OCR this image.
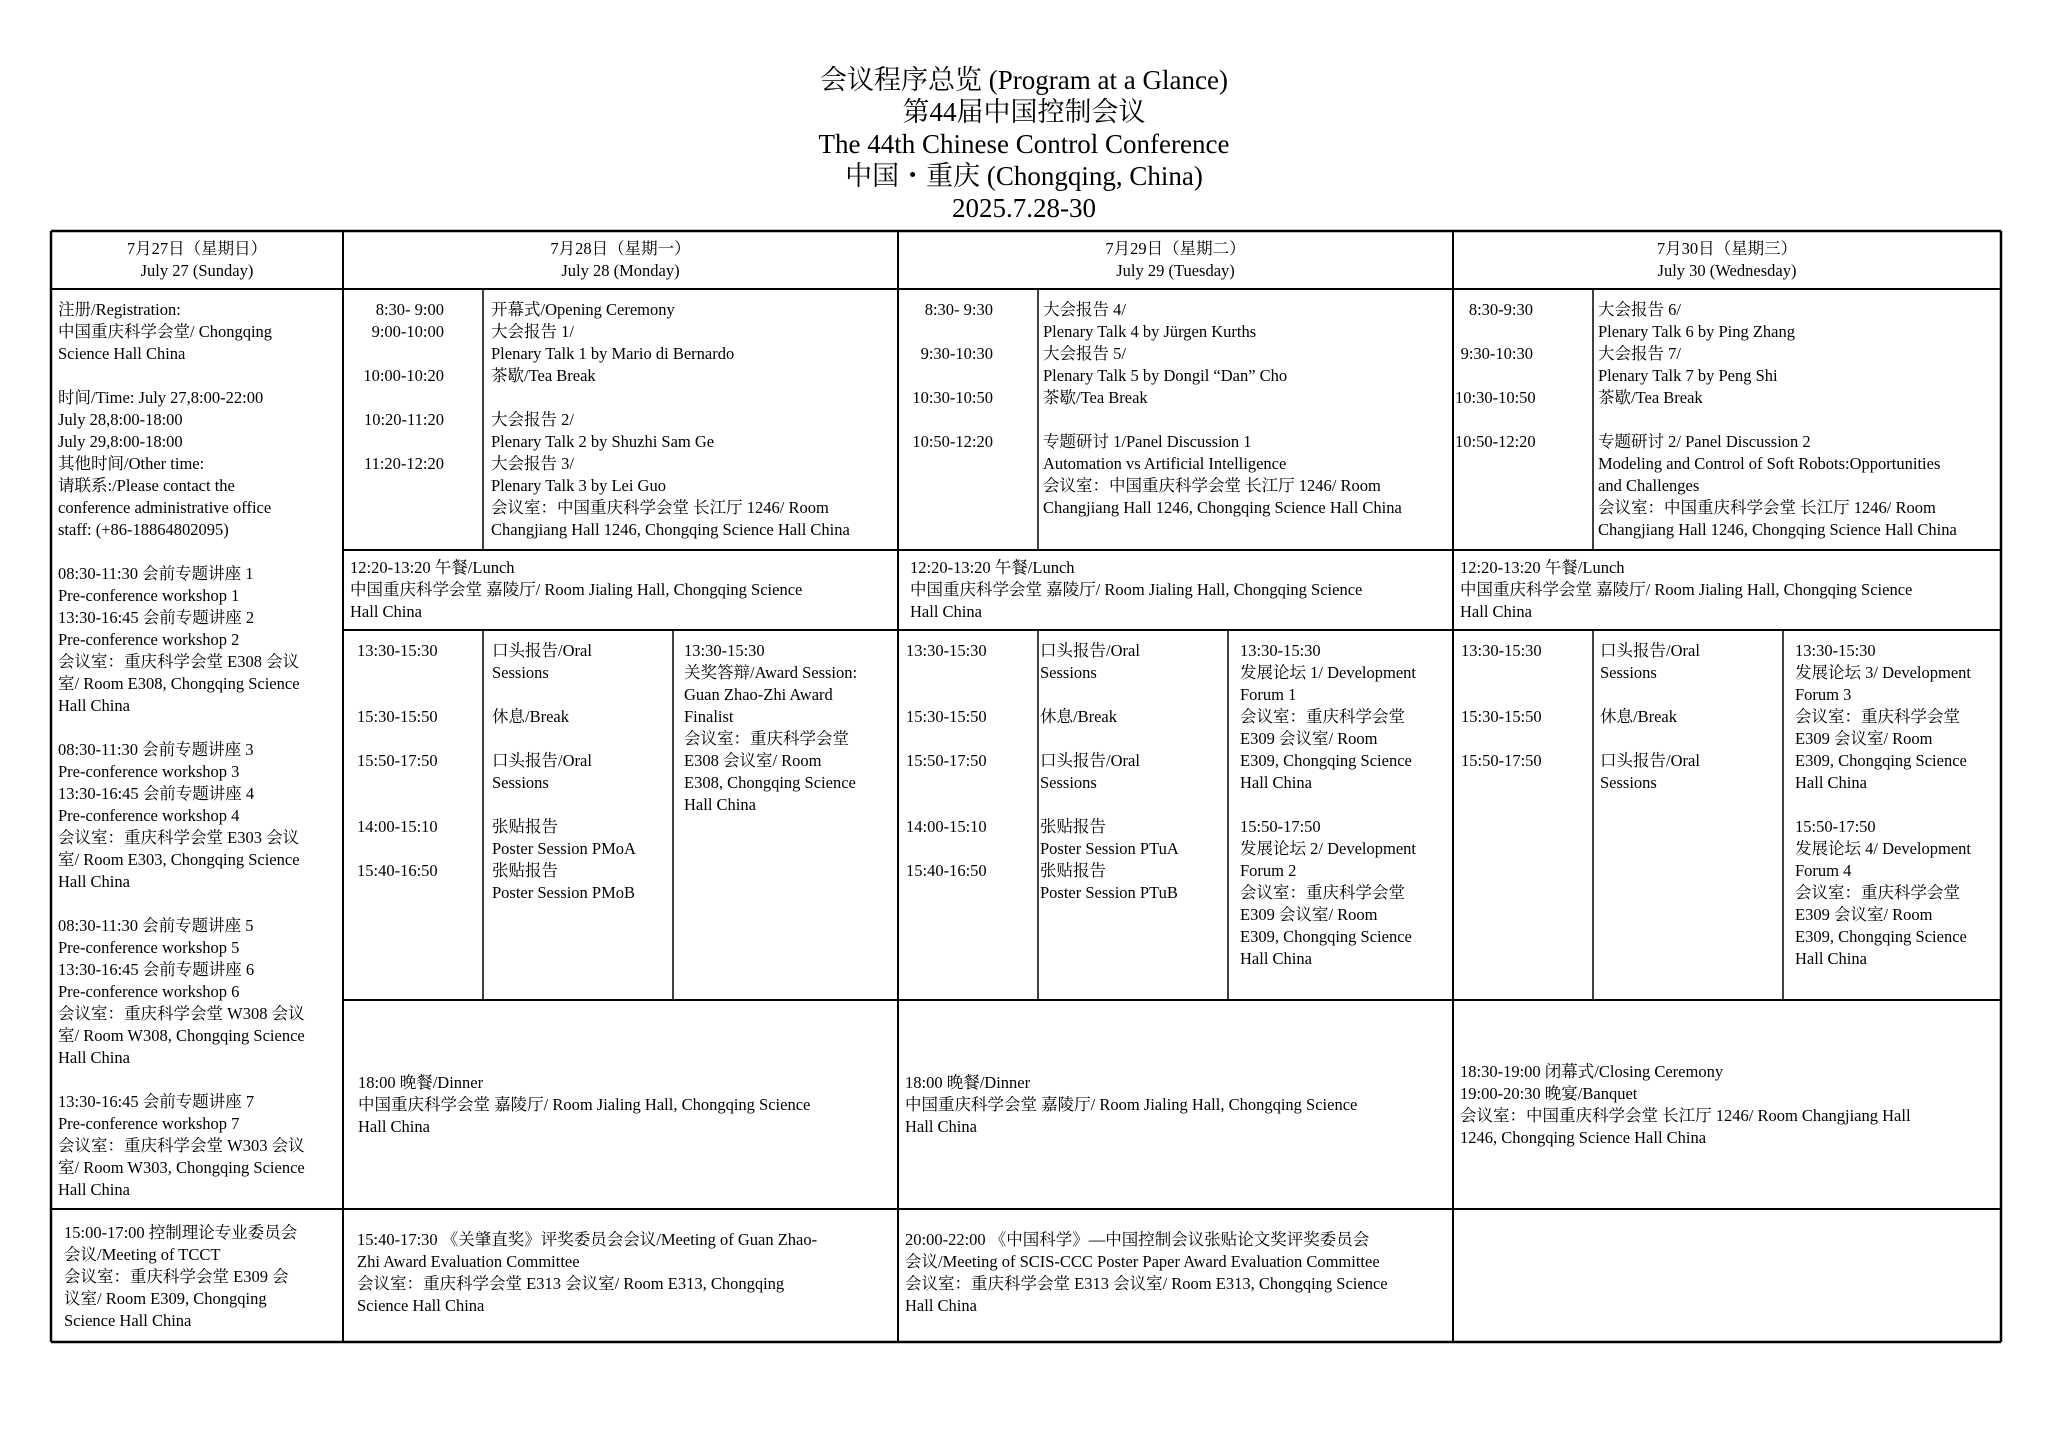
会议程序总览 (Program at a Glance)
第44届中国控制会议
The 44th Chinese Control Conference
中国・重庆 (Chongqing, China)
2025.7.28-30
7月27日（星期日）
July 27 (Sunday)
7月28日（星期一）
July 28 (Monday)
7月29日（星期二）
July 29 (Tuesday)
7月30日（星期三）
July 30 (Wednesday)
注册/Registration:
中国重庆科学会堂/ Chongqing
Science Hall China
时间/Time: July 27,8:00-22:00
July 28,8:00-18:00
July 29,8:00-18:00
其他时间/Other time:
请联系:/Please contact the
conference administrative office
staff: (+86-18864802095)
08:30-11:30 会前专题讲座 1
Pre-conference workshop 1
13:30-16:45 会前专题讲座 2
Pre-conference workshop 2
会议室：重庆科学会堂 E308 会议
室/ Room E308, Chongqing Science
Hall China
08:30-11:30 会前专题讲座 3
Pre-conference workshop 3
13:30-16:45 会前专题讲座 4
Pre-conference workshop 4
会议室：重庆科学会堂 E303 会议
室/ Room E303, Chongqing Science
Hall China
08:30-11:30 会前专题讲座 5
Pre-conference workshop 5
13:30-16:45 会前专题讲座 6
Pre-conference workshop 6
会议室：重庆科学会堂 W308 会议
室/ Room W308, Chongqing Science
Hall China
13:30-16:45 会前专题讲座 7
Pre-conference workshop 7
会议室：重庆科学会堂 W303 会议
室/ Room W303, Chongqing Science
Hall China
15:00-17:00 控制理论专业委员会
会议/Meeting of TCCT
会议室：重庆科学会堂 E309 会
议室/ Room E309, Chongqing
Science Hall China
8:30- 9:00
9:00-10:00
10:00-10:20
10:20-11:20
11:20-12:20
开幕式/Opening Ceremony
大会报告 1/
Plenary Talk 1 by Mario di Bernardo
茶歇/Tea Break
大会报告 2/
Plenary Talk 2 by Shuzhi Sam Ge
大会报告 3/
Plenary Talk 3 by Lei Guo
会议室：中国重庆科学会堂 长江厅 1246/ Room
Changjiang Hall 1246, Chongqing Science Hall China
12:20-13:20 午餐/Lunch
中国重庆科学会堂 嘉陵厅/ Room Jialing Hall, Chongqing Science
Hall China
13:30-15:30
15:30-15:50
15:50-17:50
14:00-15:10
15:40-16:50
口头报告/Oral
Sessions
休息/Break
口头报告/Oral
Sessions
张贴报告
Poster Session PMoA
张贴报告
Poster Session PMoB
13:30-15:30
关奖答辩/Award Session:
Guan Zhao-Zhi Award
Finalist
会议室：重庆科学会堂
E308 会议室/ Room
E308, Chongqing Science
Hall China
18:00 晚餐/Dinner
中国重庆科学会堂 嘉陵厅/ Room Jialing Hall, Chongqing Science
Hall China
15:40-17:30 《关肇直奖》评奖委员会会议/Meeting of Guan Zhao-
Zhi Award Evaluation Committee
会议室：重庆科学会堂 E313 会议室/ Room E313, Chongqing
Science Hall China
8:30- 9:30
9:30-10:30
10:30-10:50
10:50-12:20
大会报告 4/
Plenary Talk 4 by Jürgen Kurths
大会报告 5/
Plenary Talk 5 by Dongil “Dan” Cho
茶歇/Tea Break
专题研讨 1/Panel Discussion 1
Automation vs Artificial Intelligence
会议室：中国重庆科学会堂 长江厅 1246/ Room
Changjiang Hall 1246, Chongqing Science Hall China
12:20-13:20 午餐/Lunch
中国重庆科学会堂 嘉陵厅/ Room Jialing Hall, Chongqing Science
Hall China
13:30-15:30
15:30-15:50
15:50-17:50
14:00-15:10
15:40-16:50
口头报告/Oral
Sessions
休息/Break
口头报告/Oral
Sessions
张贴报告
Poster Session PTuA
张贴报告
Poster Session PTuB
13:30-15:30
发展论坛 1/ Development
Forum 1
会议室：重庆科学会堂
E309 会议室/ Room
E309, Chongqing Science
Hall China
15:50-17:50
发展论坛 2/ Development
Forum 2
会议室：重庆科学会堂
E309 会议室/ Room
E309, Chongqing Science
Hall China
18:00 晚餐/Dinner
中国重庆科学会堂 嘉陵厅/ Room Jialing Hall, Chongqing Science
Hall China
20:00-22:00 《中国科学》—中国控制会议张贴论文奖评奖委员会
会议/Meeting of SCIS-CCC Poster Paper Award Evaluation Committee
会议室：重庆科学会堂 E313 会议室/ Room E313, Chongqing Science
Hall China
8:30-9:30
9:30-10:30
10:30-10:50
10:50-12:20
大会报告 6/
Plenary Talk 6 by Ping Zhang
大会报告 7/
Plenary Talk 7 by Peng Shi
茶歇/Tea Break
专题研讨 2/ Panel Discussion 2
Modeling and Control of Soft Robots:Opportunities
and Challenges
会议室：中国重庆科学会堂 长江厅 1246/ Room
Changjiang Hall 1246, Chongqing Science Hall China
12:20-13:20 午餐/Lunch
中国重庆科学会堂 嘉陵厅/ Room Jialing Hall, Chongqing Science
Hall China
13:30-15:30
15:30-15:50
15:50-17:50
口头报告/Oral
Sessions
休息/Break
口头报告/Oral
Sessions
13:30-15:30
发展论坛 3/ Development
Forum 3
会议室：重庆科学会堂
E309 会议室/ Room
E309, Chongqing Science
Hall China
15:50-17:50
发展论坛 4/ Development
Forum 4
会议室：重庆科学会堂
E309 会议室/ Room
E309, Chongqing Science
Hall China
18:30-19:00 闭幕式/Closing Ceremony
19:00-20:30 晚宴/Banquet
会议室：中国重庆科学会堂 长江厅 1246/ Room Changjiang Hall
1246, Chongqing Science Hall China
